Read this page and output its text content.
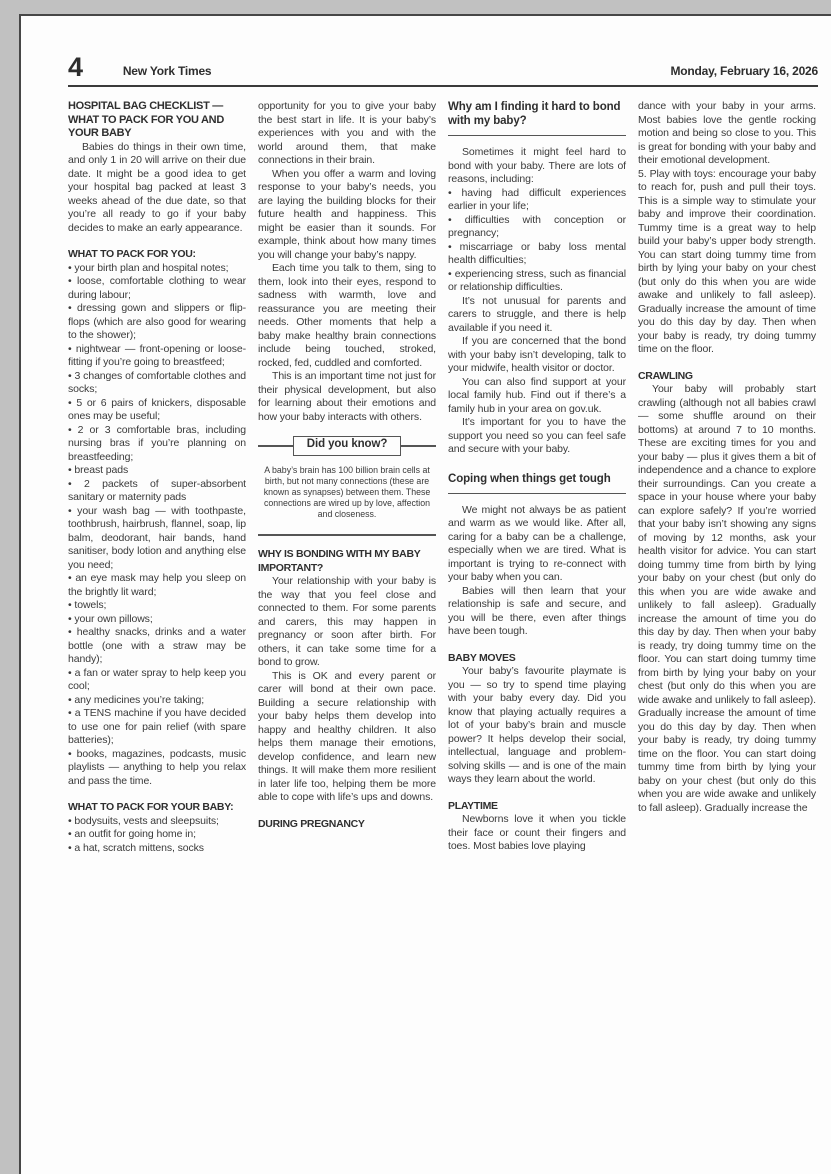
4	New York Times	Monday, February 16, 2026
HOSPITAL BAG CHECKLIST — WHAT TO PACK FOR YOU AND YOUR BABY
Babies do things in their own time, and only 1 in 20 will arrive on their due date. It might be a good idea to get your hospital bag packed at least 3 weeks ahead of the due date, so that you’re all ready to go if your baby decides to make an early appearance.
WHAT TO PACK FOR YOU:
• your birth plan and hospital notes;
• loose, comfortable clothing to wear during labour;
• dressing gown and slippers or flip-flops (which are also good for wearing to the shower);
• nightwear — front-opening or loose-fitting if you’re going to breastfeed;
• 3 changes of comfortable clothes and socks;
• 5 or 6 pairs of knickers, disposable ones may be useful;
• 2 or 3 comfortable bras, including nursing bras if you’re planning on breastfeeding;
• breast pads
• 2 packets of super-absorbent sanitary or maternity pads
• your wash bag — with toothpaste, toothbrush, hairbrush, flannel, soap, lip balm, deodorant, hair bands, hand sanitiser, body lotion and anything else you need;
• an eye mask may help you sleep on the brightly lit ward;
• towels;
• your own pillows;
• healthy snacks, drinks and a water bottle (one with a straw may be handy);
• a fan or water spray to help keep you cool;
• any medicines you’re taking;
• a TENS machine if you have decided to use one for pain relief (with spare batteries);
• books, magazines, podcasts, music playlists — anything to help you relax and pass the time.
WHAT TO PACK FOR YOUR BABY:
• bodysuits, vests and sleepsuits;
• an outfit for going home in;
• a hat, scratch mittens, socks
opportunity for you to give your baby the best start in life. It is your baby’s experiences with you and with the world around them, that make connections in their brain.
When you offer a warm and loving response to your baby’s needs, you are laying the building blocks for their future health and happiness. This might be easier than it sounds. For example, think about how many times you will change your baby’s nappy.
Each time you talk to them, sing to them, look into their eyes, respond to sadness with warmth, love and reassurance you are meeting their needs. Other moments that help a baby make healthy brain connections include being touched, stroked, rocked, fed, cuddled and comforted.
This is an important time not just for their physical development, but also for learning about their emotions and how your baby interacts with others.
Did you know?
A baby’s brain has 100 billion brain cells at birth, but not many connections (these are known as synapses) between them. These connections are wired up by love, affection and closeness.
WHY IS BONDING WITH MY BABY IMPORTANT?
Your relationship with your baby is the way that you feel close and connected to them. For some parents and carers, this may happen in pregnancy or soon after birth. For others, it can take some time for a bond to grow.
This is OK and every parent or carer will bond at their own pace. Building a secure relationship with your baby helps them develop into happy and healthy children. It also helps them manage their emotions, develop confidence, and learn new things. It will make them more resilient in later life too, helping them be more able to cope with life’s ups and downs.
DURING PREGNANCY
Why am I finding it hard to bond with my baby?
Sometimes it might feel hard to bond with your baby. There are lots of reasons, including:
• having had difficult experiences earlier in your life;
• difficulties with conception or pregnancy;
• miscarriage or baby loss mental health difficulties;
• experiencing stress, such as financial or relationship difficulties.
It’s not unusual for parents and carers to struggle, and there is help available if you need it.
If you are concerned that the bond with your baby isn’t developing, talk to your midwife, health visitor or doctor.
You can also find support at your local family hub. Find out if there’s a family hub in your area on gov.uk.
It’s important for you to have the support you need so you can feel safe and secure with your baby.
Coping when things get tough
We might not always be as patient and warm as we would like. After all, caring for a baby can be a challenge, especially when we are tired. What is important is trying to re-connect with your baby when you can.
Babies will then learn that your relationship is safe and secure, and you will be there, even after things have been tough.
BABY MOVES
Your baby’s favourite playmate is you — so try to spend time playing with your baby every day. Did you know that playing actually requires a lot of your baby’s brain and muscle power? It helps develop their social, intellectual, language and problem-solving skills — and is one of the main ways they learn about the world.
PLAYTIME
Newborns love it when you tickle their face or count their fingers and toes. Most babies love playing
dance with your baby in your arms. Most babies love the gentle rocking motion and being so close to you. This is great for bonding with your baby and their emotional development.
5. Play with toys: encourage your baby to reach for, push and pull their toys. This is a simple way to stimulate your baby and improve their coordination. Tummy time is a great way to help build your baby’s upper body strength. You can start doing tummy time from birth by lying your baby on your chest (but only do this when you are wide awake and unlikely to fall asleep). Gradually increase the amount of time you do this day by day. Then when your baby is ready, try doing tummy time on the floor.
CRAWLING
Your baby will probably start crawling (although not all babies crawl — some shuffle around on their bottoms) at around 7 to 10 months. These are exciting times for you and your baby — plus it gives them a bit of independence and a chance to explore their surroundings. Can you create a space in your house where your baby can explore safely? If you’re worried that your baby isn’t showing any signs of moving by 12 months, ask your health visitor for advice. You can start doing tummy time from birth by lying your baby on your chest (but only do this when you are wide awake and unlikely to fall asleep). Gradually increase the amount of time you do this day by day. Then when your baby is ready, try doing tummy time on the floor. You can start doing tummy time from birth by lying your baby on your chest (but only do this when you are wide awake and unlikely to fall asleep). Gradually increase the amount of time you do this day by day. Then when your baby is ready, try doing tummy time on the floor. You can start doing tummy time from birth by lying your baby on your chest (but only do this when you are wide awake and unlikely to fall asleep). Gradually increase the
